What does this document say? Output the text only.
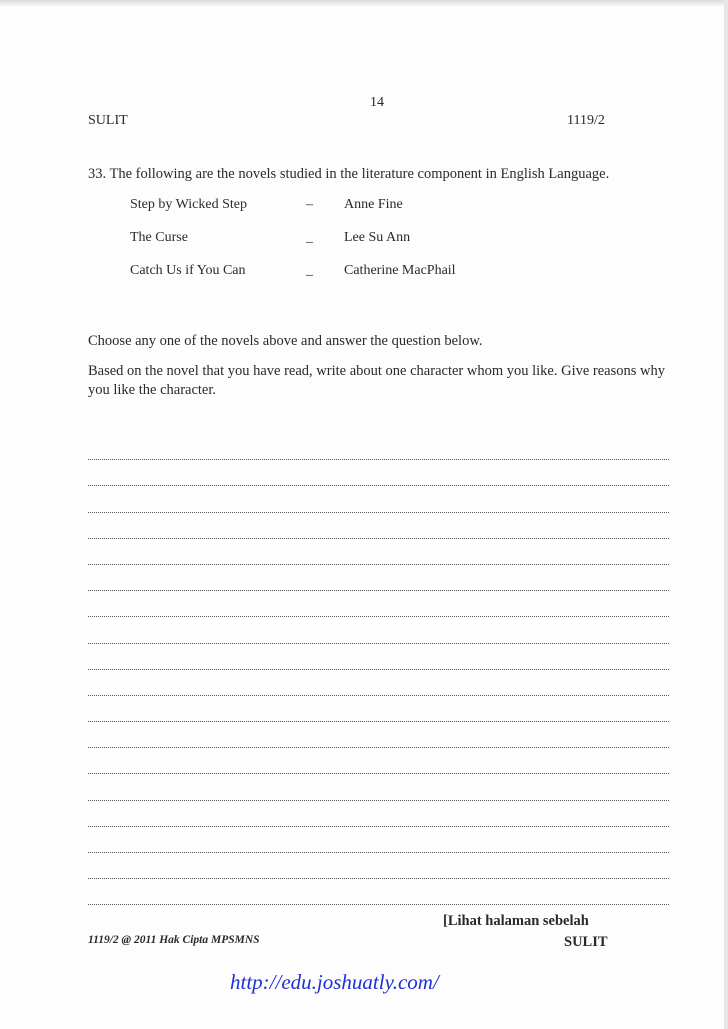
14
SULIT	1119/2
33. The following are the novels studied in the literature component in English Language.
Step by Wicked Step	– Anne Fine
The Curse	_ Lee Su Ann
Catch Us if You Can	_ Catherine MacPhail
Choose any one of the novels above and answer the question below.
Based on the novel that you have read, write about one character whom you like. Give reasons why you like the character.
[Lihat halaman sebelah
1119/2 @ 2011 Hak Cipta MPSMNS	SULIT
http://edu.joshuatly.com/
